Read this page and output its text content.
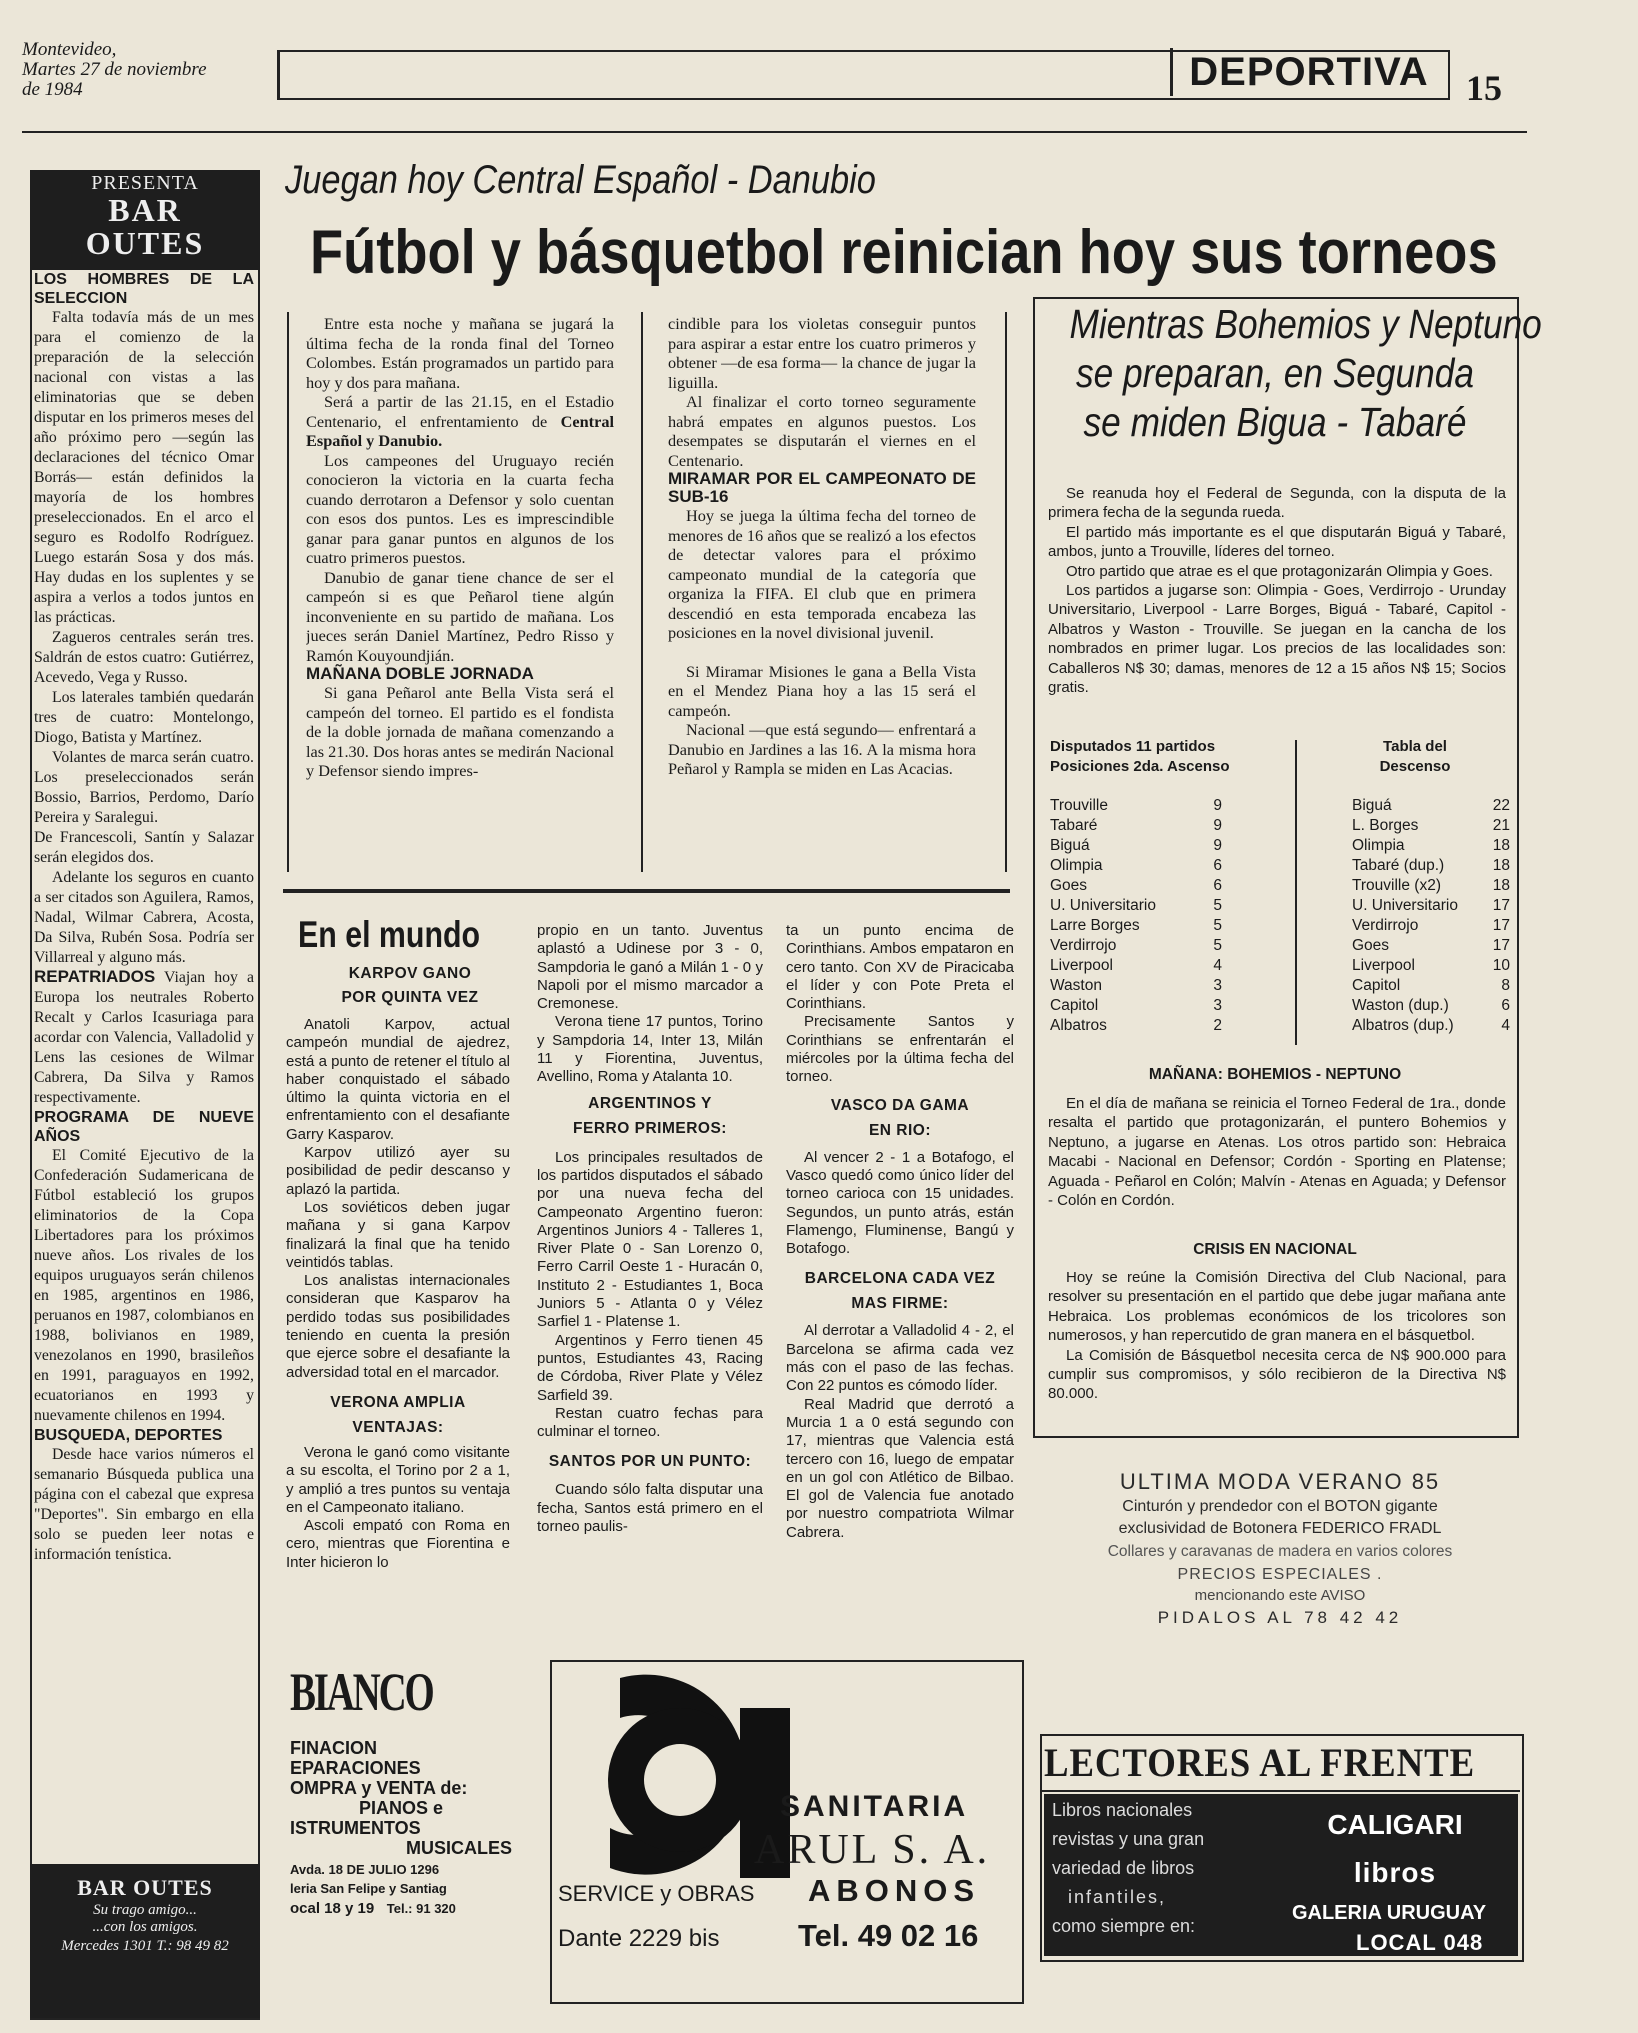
Montevideo,
Martes 27 de noviembre
de 1984	DEPORTIVA	15
PRESENTA
BAR
OUTES
LOS HOMBRES DE LA SELECCION

Falta todavía más de un mes para el comienzo de la preparación de la selección nacional con vistas a las eliminatorias que se deben disputar en los primeros meses del año próximo pero —según las declaraciones del técnico Omar Borrás— están definidos la mayoría de los hombres preseleccionados. En el arco el seguro es Rodolfo Rodríguez. Luego estarán Sosa y dos más. Hay dudas en los suplentes y se aspira a verlos a todos juntos en las prácticas.

Zagueros centrales serán tres. Saldrán de estos cuatro: Gutiérrez, Acevedo, Vega y Russo.

Los laterales también quedarán tres de cuatro: Montelongo, Diogo, Batista y Martínez.

Volantes de marca serán cuatro. Los preseleccionados serán Bossio, Barrios, Perdomo, Darío Pereira y Saralegui.

De Francescoli, Santín y Salazar serán elegidos dos.

Adelante los seguros en cuanto a ser citados son Aguilera, Ramos, Nadal, Wilmar Cabrera, Acosta, Da Silva, Rubén Sosa. Podría ser Villarreal y alguno más.

REPATRIADOS Viajan hoy a Europa los neutrales Roberto Recalt y Carlos Icasuriaga para acordar con Valencia, Valladolid y Lens las cesiones de Wilmar Cabrera, Da Silva y Ramos respectivamente.

PROGRAMA DE NUEVE AÑOS

El Comité Ejecutivo de la Confederación Sudamericana de Fútbol estableció los grupos eliminatorios de la Copa Libertadores para los próximos nueve años. Los rivales de los equipos uruguayos serán chilenos en 1985, argentinos en 1986, peruanos en 1987, colombianos en 1988, bolivianos en 1989, venezolanos en 1990, brasileños en 1991, paraguayos en 1992, ecuatorianos en 1993 y nuevamente chilenos en 1994.

BUSQUEDA, DEPORTES

Desde hace varios números el semanario Búsqueda publica una página con el cabezal que expresa "Deportes". Sin embargo en ella solo se pueden leer notas e información tenística.

BAR OUTES
Su trago amigo...
...con los amigos.
Mercedes 1301 T.: 98 49 82
Juegan hoy Central Español - Danubio
Fútbol y básquetbol reinician hoy sus torneos

Entre esta noche y mañana se jugará la última fecha de la ronda final del Torneo Colombes. Están programados un partido para hoy y dos para mañana.

Será a partir de las 21.15, en el Estadio Centenario, el enfrentamiento de Central Español y Danubio.

Los campeones del Uruguayo recién conocieron la victoria en la cuarta fecha cuando derrotaron a Defensor y solo cuentan con esos dos puntos. Les es imprescindible ganar para ganar puntos en algunos de los cuatro primeros puestos.

Danubio de ganar tiene chance de ser el campeón si es que Peñarol tiene algún inconveniente en su partido de mañana. Los jueces serán Daniel Martínez, Pedro Risso y Ramón Kouyoundjián.

MAÑANA DOBLE JORNADA

Si gana Peñarol ante Bella Vista será el campeón del torneo. El partido es el fondista de la doble jornada de mañana comenzando a las 21.30. Dos horas antes se medirán Nacional y Defensor siendo impres-

cindible para los violetas conseguir puntos para aspirar a estar entre los cuatro primeros y obtener —de esa forma— la chance de jugar la liguilla.

Al finalizar el corto torneo seguramente habrá empates en algunos puestos. Los desempates se disputarán el viernes en el Centenario.

MIRAMAR POR EL CAMPEONATO DE SUB-16

Hoy se juega la última fecha del torneo de menores de 16 años que se realizó a los efectos de detectar valores para el próximo campeonato mundial de la categoría que organiza la FIFA. El club que en primera descendió en esta temporada encabeza las posiciones en la novel divisional juvenil.

Si Miramar Misiones le gana a Bella Vista en el Mendez Piana hoy a las 15 será el campeón.

Nacional —que está segundo— enfrentará a Danubio en Jardines a las 16. A la misma hora Peñarol y Rampla se miden en Las Acacias.

Mientras Bohemios y Neptuno
se preparan, en Segunda
se miden Bigua - Tabaré

Se reanuda hoy el Federal de Segunda, con la disputa de la primera fecha de la segunda rueda.

El partido más importante es el que disputarán Biguá y Tabaré, ambos, junto a Trouville, líderes del torneo.

Otro partido que atrae es el que protagonizarán Olimpia y Goes.

Los partidos a jugarse son: Olimpia - Goes, Verdirrojo - Urunday Universitario, Liverpool - Larre Borges, Biguá - Tabaré, Capitol - Albatros y Waston - Trouville. Se juegan en la cancha de los nombrados en primer lugar. Los precios de las localidades son: Caballeros N$ 30; damas, menores de 12 a 15 años N$ 15; Socios gratis.

Disputados 11 partidos
Posiciones 2da. Ascenso
Tabla del
Descenso
Trouville	9
Tabaré	9
Biguá	9
Olimpia	6
Goes	6
U. Universitario	5
Larre Borges	5
Verdirrojo	5
Liverpool	4
Waston	3
Capitol	3
Albatros	2
Biguá	22
L. Borges	21
Olimpia	18
Tabaré (dup.)	18
Trouville (x2)	18
U. Universitario	17
Verdirrojo	17
Goes	17
Liverpool	10
Capitol	8
Waston (dup.)	6
Albatros (dup.)	4
MAÑANA: BOHEMIOS - NEPTUNO

En el día de mañana se reinicia el Torneo Federal de 1ra., donde resalta el partido que protagonizarán, el puntero Bohemios y Neptuno, a jugarse en Atenas. Los otros partido son: Hebraica Macabi - Nacional en Defensor; Cordón - Sporting en Platense; Aguada - Peñarol en Colón; Malvín - Atenas en Aguada; y Defensor - Colón en Cordón.

CRISIS EN NACIONAL

Hoy se reúne la Comisión Directiva del Club Nacional, para resolver su presentación en el partido que debe jugar mañana ante Hebraica. Los problemas económicos de los tricolores son numerosos, y han repercutido de gran manera en el básquetbol.

La Comisión de Básquetbol necesita cerca de N$ 900.000 para cumplir sus compromisos, y sólo recibieron de la Directiva N$ 80.000.

En el mundo
KARPOV GANO
POR QUINTA VEZ

Anatoli Karpov, actual campeón mundial de ajedrez, está a punto de retener el título al haber conquistado el sábado último la quinta victoria en el enfrentamiento con el desafiante Garry Kasparov.

Karpov utilizó ayer su posibilidad de pedir descanso y aplazó la partida.

Los soviéticos deben jugar mañana y si gana Karpov finalizará la final que ha tenido veintidós tablas.

Los analistas internacionales consideran que Kasparov ha perdido todas sus posibilidades teniendo en cuenta la presión que ejerce sobre el desafiante la adversidad total en el marcador.

VERONA AMPLIA
VENTAJAS:

Verona le ganó como visitante a su escolta, el Torino por 2 a 1, y amplió a tres puntos su ventaja en el Campeonato italiano.

Ascoli empató con Roma en cero, mientras que Fiorentina e Inter hicieron lo

propio en un tanto. Juventus aplastó a Udinese por 3 - 0, Sampdoria le ganó a Milán 1 - 0 y Napoli por el mismo marcador a Cremonese.

Verona tiene 17 puntos, Torino y Sampdoria 14, Inter 13, Milán 11 y Fiorentina, Juventus, Avellino, Roma y Atalanta 10.

ARGENTINOS Y
FERRO PRIMEROS:

Los principales resultados de los partidos disputados el sábado por una nueva fecha del Campeonato Argentino fueron: Argentinos Juniors 4 - Talleres 1, River Plate 0 - San Lorenzo 0, Ferro Carril Oeste 1 - Huracán 0, Instituto 2 - Estudiantes 1, Boca Juniors 5 - Atlanta 0 y Vélez Sarfiel 1 - Platense 1.

Argentinos y Ferro tienen 45 puntos, Estudiantes 43, Racing de Córdoba, River Plate y Vélez Sarfield 39.

Restan cuatro fechas para culminar el torneo.

SANTOS POR UN PUNTO:

Cuando sólo falta disputar una fecha, Santos está primero en el torneo paulis-

ta un punto encima de Corinthians. Ambos empataron en cero tanto. Con XV de Piracicaba el líder y con Pote Preta el Corinthians.

Precisamente Santos y Corinthians se enfrentarán el miércoles por la última fecha del torneo.

VASCO DA GAMA
EN RIO:

Al vencer 2 - 1 a Botafogo, el Vasco quedó como único líder del torneo carioca con 15 unidades. Segundos, un punto atrás, están Flamengo, Fluminense, Bangú y Botafogo.

BARCELONA CADA VEZ
MAS FIRME:

Al derrotar a Valladolid 4 - 2, el Barcelona se afirma cada vez más con el paso de las fechas. Con 22 puntos es cómodo líder.

Real Madrid que derrotó a Murcia 1 a 0 está segundo con 17, mientras que Valencia está tercero con 16, luego de empatar en un gol con Atlético de Bilbao. El gol de Valencia fue anotado por nuestro compatriota Wilmar Cabrera.

ULTIMA MODA VERANO 85
Cinturón y prendedor con el BOTON gigante
exclusividad de Botonera FEDERICO FRADL
Collares y caravanas de madera en varios colores
PRECIOS ESPECIALES .
mencionando este AVISO
PIDALOS AL 78 42 42
BIANCO
FINACION
EPARACIONES
OMPRA y VENTA de:
PIANOS e
ISTRUMENTOS
MUSICALES
Avda. 18 DE JULIO 1296
leria San Felipe y Santiag
ocal 18 y 19 Tel.: 91 320
SANITARIA
ARUL S. A.
ABONOS
SERVICE y OBRAS
Dante 2229 bis	Tel. 49 02 16
LECTORES AL FRENTE
Libros nacionales
revistas y una gran
variedad de libros
infantiles,
como siempre en:
CALIGARI
libros
GALERIA URUGUAY
LOCAL 048
